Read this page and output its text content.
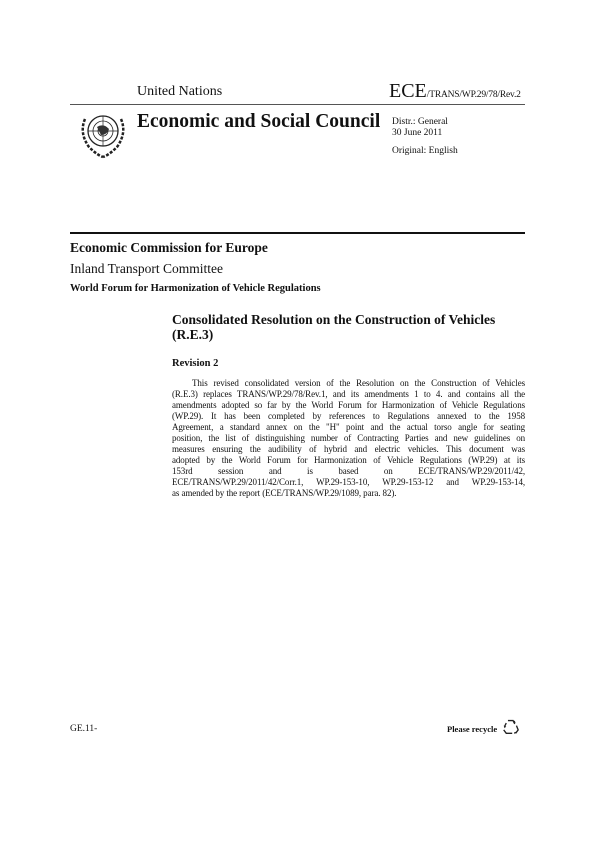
United Nations	ECE/TRANS/WP.29/78/Rev.2
Economic and Social Council Distr.: General
30 June 2011
Original: English
Economic Commission for Europe
Inland Transport Committee
World Forum for Harmonization of Vehicle Regulations
Consolidated Resolution on the Construction of Vehicles
(R.E.3)
Revision 2
This revised consolidated version of the Resolution on the Construction of Vehicles
(R.E.3) replaces TRANS/WP.29/78/Rev.1, and its amendments 1 to 4. and contains all the
amendments adopted so far by the World Forum for Harmonization of Vehicle Regulations
(WP.29). It has been completed by references to Regulations annexed to the 1958
Agreement, a standard annex on the "H" point and the actual torso angle for seating
position, the list of distinguishing number of Contracting Parties and new guidelines on
measures ensuring the audibility of hybrid and electric vehicles. This document was
adopted by the World Forum for Harmonization of Vehicle Regulations (WP.29) at its
153rd session and is based on ECE/TRANS/WP.29/2011/42,
ECE/TRANS/WP.29/2011/42/Corr.1, WP.29-153-10, WP.29-153-12 and WP.29-153-14,
as amended by the report (ECE/TRANS/WP.29/1089, para. 82).
GE.11-	Please recycle
